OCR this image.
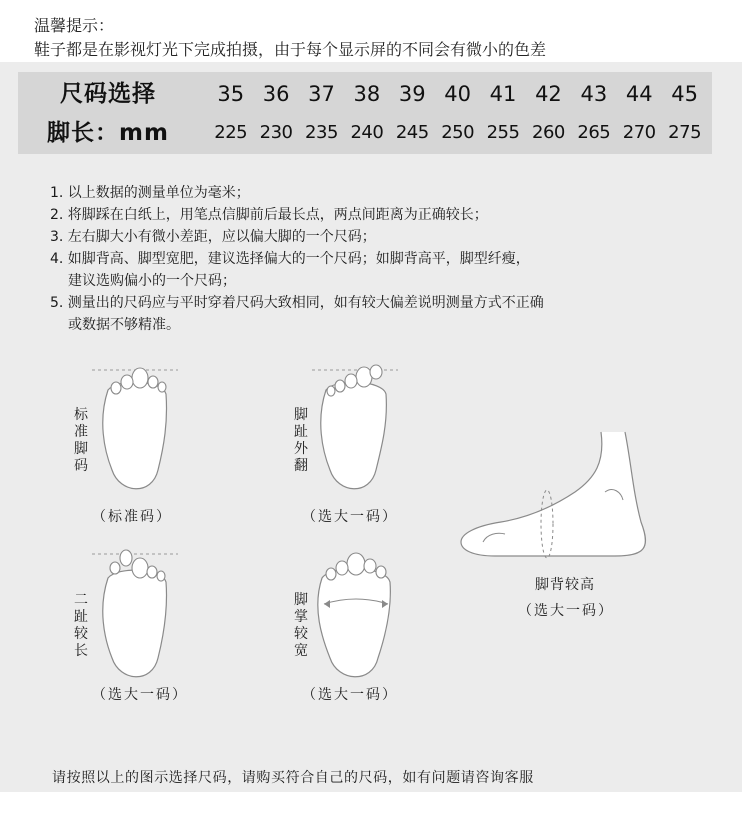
温馨提示：
鞋子都是在影视灯光下完成拍摄，由于每个显示屏的不同会有微小的色差
尺码选择	35 36 37 38 39 40 41 42 43 44 45
脚长：mm	225 230 235 240 245 250 255 260 265 270 275
1. 以上数据的测量单位为毫米；
2. 将脚踩在白纸上，用笔点信脚前后最长点，两点间距离为正确较长；
3. 左右脚大小有微小差距，应以偏大脚的一个尺码；
4. 如脚背高、脚型宽肥，建议选择偏大的一个尺码；如脚背高平，脚型纤瘦，
建议选购偏小的一个尺码；
5. 测量出的尺码应与平时穿着尺码大致相同，如有较大偏差说明测量方式不正确
或数据不够精准。
标
准
脚
码
（标准码）
脚
趾
外
翻
（选大一码）
二
趾
较
长
（选大一码）
脚
掌
较
宽
（选大一码）
脚背较高
（选大一码）
请按照以上的图示选择尺码，请购买符合自己的尺码，如有问题请咨询客服
